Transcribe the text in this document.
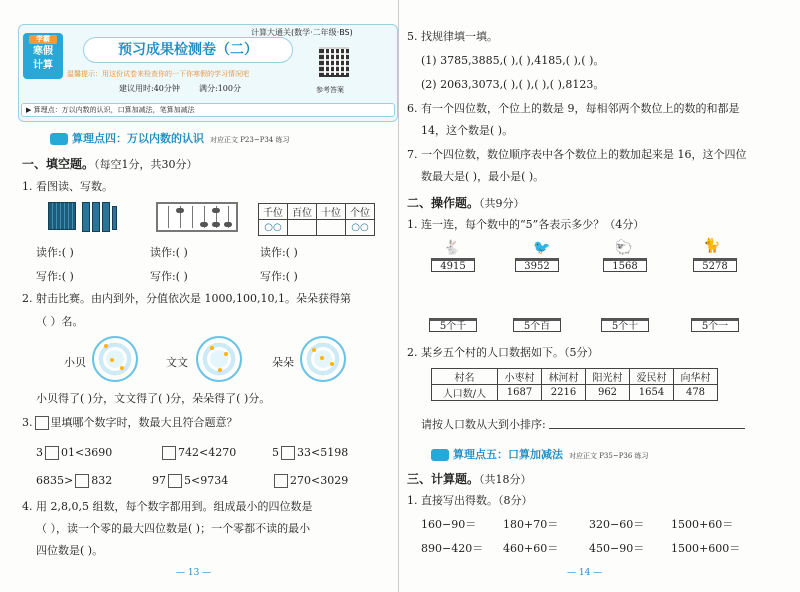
学霸
寒假
计算
计算大通关(数学·二年级·BS)
预习成果检测卷（二）
温馨提示：用这份试卷来检查你的一下你寒假的学习情况吧
建议用时:40分钟 满分:100分	参考答案
▶ 算理点：万以内数的认识，口算加减法，笔算加减法
算理点四：万以内数的认识 对应正文 P23~P34 练习
一、填空题。（每空1分，共30分）
1. 看图读、写数。
千位	百位	十位	个位
○○			○○
读作:( )	读作:( )	读作:( )
写作:( )	写作:( )	写作:( )
2. 射击比赛。由内到外，分值依次是 1000,100,10,1。朵朵获得第
（ ）名。
小贝	文文	朵朵
小贝得了( )分，文文得了( )分，朵朵得了( )分。
3. 里填哪个数字时，数最大且符合题意？
3 01<3690	742<4270	5 33<5198
6835> 832	97 5<9734	270<3029
4. 用 2,8,0,5 组数，每个数字都用到。组成最小的四位数是
（ ），读一个零的最大四位数是( )；一个零都不读的最小
四位数是( )。
— 13 —
5. 找规律填一填。
(1) 3785,3885,( ),( ),4185,( ),( )。
(2) 2063,3073,( ),( ),( ),( ),8123。
6. 有一个四位数，个位上的数是 9，每相邻两个数位上的数的和都是
14，这个数是( )。
7. 一个四位数，数位顺序表中各个数位上的数加起来是 16，这个四位
数最大是( )，最小是( )。
二、操作题。（共9分）
1. 连一连，每个数中的“5”各表示多少？（4分）
🐇	🐦	🐑	🐈
4915	3952	1568	5278
5个千	5个百	5个十	5个一
2. 某乡五个村的人口数据如下。（5分）
村名	小枣村	林河村	阳光村	爱民村	向华村
人口数/人	1687	2216	962	1654	478
请按人口数从大到小排序:
算理点五：口算加减法 对应正文 P35~P36 练习
三、计算题。（共18分）
1. 直接写出得数。（8分）
160−90＝ 180+70＝	320−60＝ 1500+60＝
890−420＝ 460+60＝	450−90＝ 1500+600＝
— 14 —
